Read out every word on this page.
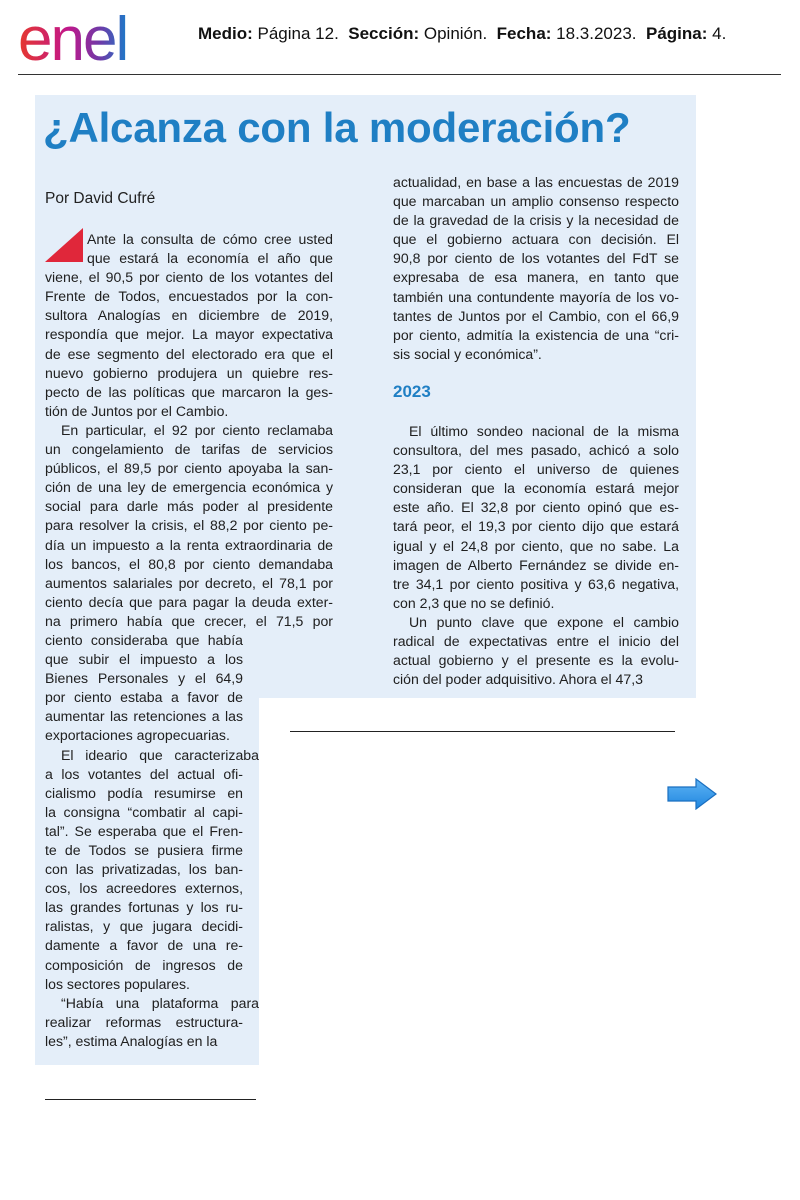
enel	Medio: Página 12. Sección: Opinión. Fecha: 18.3.2023. Página: 4.
¿Alcanza con la moderación?
Por David Cufré
Ante la consulta de cómo cree usted
que estará la economía el año que
viene, el 90,5 por ciento de los votantes del
Frente de Todos, encuestados por la con-
sultora Analogías en diciembre de 2019,
respondía que mejor. La mayor expectativa
de ese segmento del electorado era que el
nuevo gobierno produjera un quiebre res-
pecto de las políticas que marcaron la ges-
tión de Juntos por el Cambio.
En particular, el 92 por ciento reclamaba
un congelamiento de tarifas de servicios
públicos, el 89,5 por ciento apoyaba la san-
ción de una ley de emergencia económica y
social para darle más poder al presidente
para resolver la crisis, el 88,2 por ciento pe-
día un impuesto a la renta extraordinaria de
los bancos, el 80,8 por ciento demandaba
aumentos salariales por decreto, el 78,1 por
ciento decía que para pagar la deuda exter-
na primero había que crecer, el 71,5 por
ciento consideraba que había
que subir el impuesto a los
Bienes Personales y el 64,9
por ciento estaba a favor de
aumentar las retenciones a las
exportaciones agropecuarias.
El ideario que caracterizaba
a los votantes del actual ofi-
cialismo podía resumirse en
la consigna “combatir al capi-
tal”. Se esperaba que el Fren-
te de Todos se pusiera firme
con las privatizadas, los ban-
cos, los acreedores externos,
las grandes fortunas y los ru-
ralistas, y que jugara decidi-
damente a favor de una re-
composición de ingresos de
los sectores populares.
“Había una plataforma para
realizar reformas estructura-
les”, estima Analogías en la
actualidad, en base a las encuestas de 2019
que marcaban un amplio consenso respecto
de la gravedad de la crisis y la necesidad de
que el gobierno actuara con decisión. El
90,8 por ciento de los votantes del FdT se
expresaba de esa manera, en tanto que
también una contundente mayoría de los vo-
tantes de Juntos por el Cambio, con el 66,9
por ciento, admitía la existencia de una “cri-
sis social y económica”.
2023
El último sondeo nacional de la misma
consultora, del mes pasado, achicó a solo
23,1 por ciento el universo de quienes
consideran que la economía estará mejor
este año. El 32,8 por ciento opinó que es-
tará peor, el 19,3 por ciento dijo que estará
igual y el 24,8 por ciento, que no sabe. La
imagen de Alberto Fernández se divide en-
tre 34,1 por ciento positiva y 63,6 negativa,
con 2,3 que no se definió.
Un punto clave que expone el cambio
radical de expectativas entre el inicio del
actual gobierno y el presente es la evolu-
ción del poder adquisitivo. Ahora el 47,3
